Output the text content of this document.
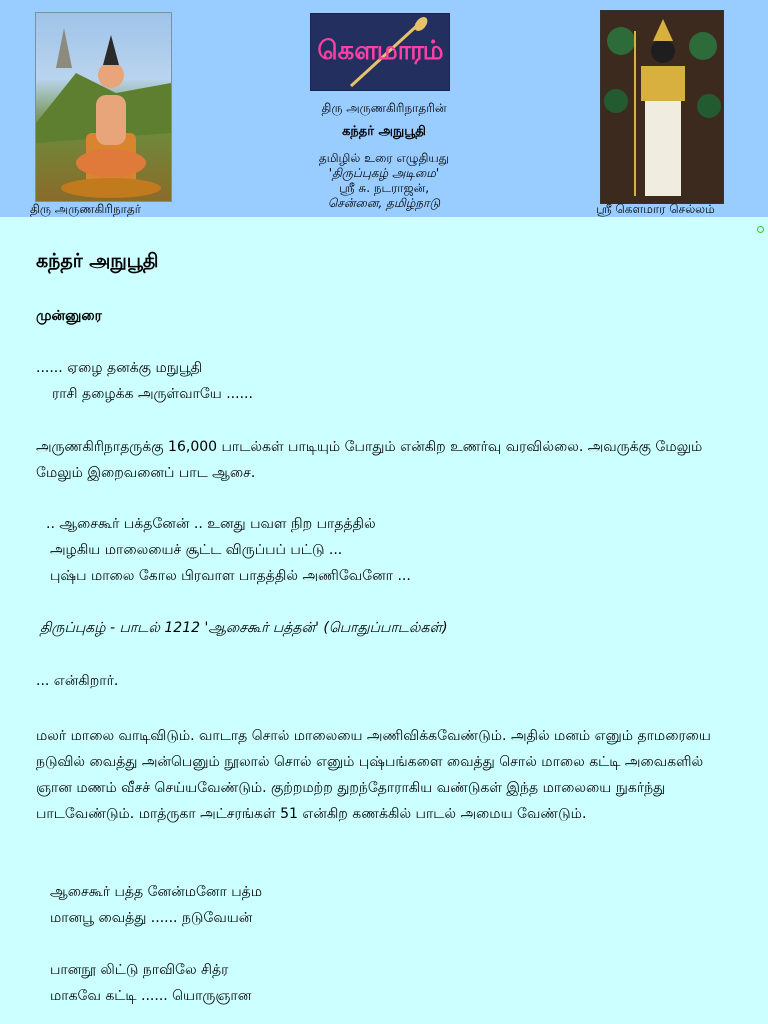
திரு அருணகிரிநாதர்
கௌமாரம்
திரு அருணகிரிநாதரின்
கந்தர் அநுபூதி
தமிழில் உரை எழுதியது
'திருப்புகழ் அடிமை'
ஸ்ரீ சு. நடராஜன்,
சென்னை, தமிழ்நாடு	ஸ்ரீ கௌமார செல்லம்
கந்தர் அநுபூதி
முன்னுரை
...... ஏழை தனக்கு மநுபூதி
ராசி தழைக்க அருள்வாயே ......
அருணகிரிநாதருக்கு 16,000 பாடல்கள் பாடியும் போதும் என்கிற உணர்வு வரவில்லை. அவருக்கு மேலும் மேலும் இறைவனைப் பாட ஆசை.
.. ஆசைகூர் பக்தனேன் .. உனது பவள நிற பாதத்தில்
அழகிய மாலையைச் சூட்ட விருப்பப் பட்டு ...
புஷ்ப மாலை கோல பிரவாள பாதத்தில் அணிவேனோ ...
திருப்புகழ் - பாடல் 1212 'ஆசைகூர் பத்தன்' (பொதுப்பாடல்கள்)
... என்கிறார்.
மலர் மாலை வாடிவிடும். வாடாத சொல் மாலையை அணிவிக்கவேண்டும். அதில் மனம் எனும் தாமரையை நடுவில் வைத்து அன்பெனும் நூலால் சொல் எனும் புஷ்பங்களை வைத்து சொல் மாலை கட்டி அவைகளில் ஞான மணம் வீசச் செய்யவேண்டும். குற்றமற்ற துறந்தோராகிய வண்டுகள் இந்த மாலையை நுகர்ந்து பாடவேண்டும். மாத்ருகா அட்சரங்கள் 51 என்கிற கணக்கில் பாடல் அமைய வேண்டும்.
ஆசைகூர் பத்த னேன்மனோ பத்ம
மானபூ வைத்து ...... நடுவேயன்
பானநூ லிட்டு நாவிலே சித்ர
மாகவே கட்டி ...... யொருஞான
